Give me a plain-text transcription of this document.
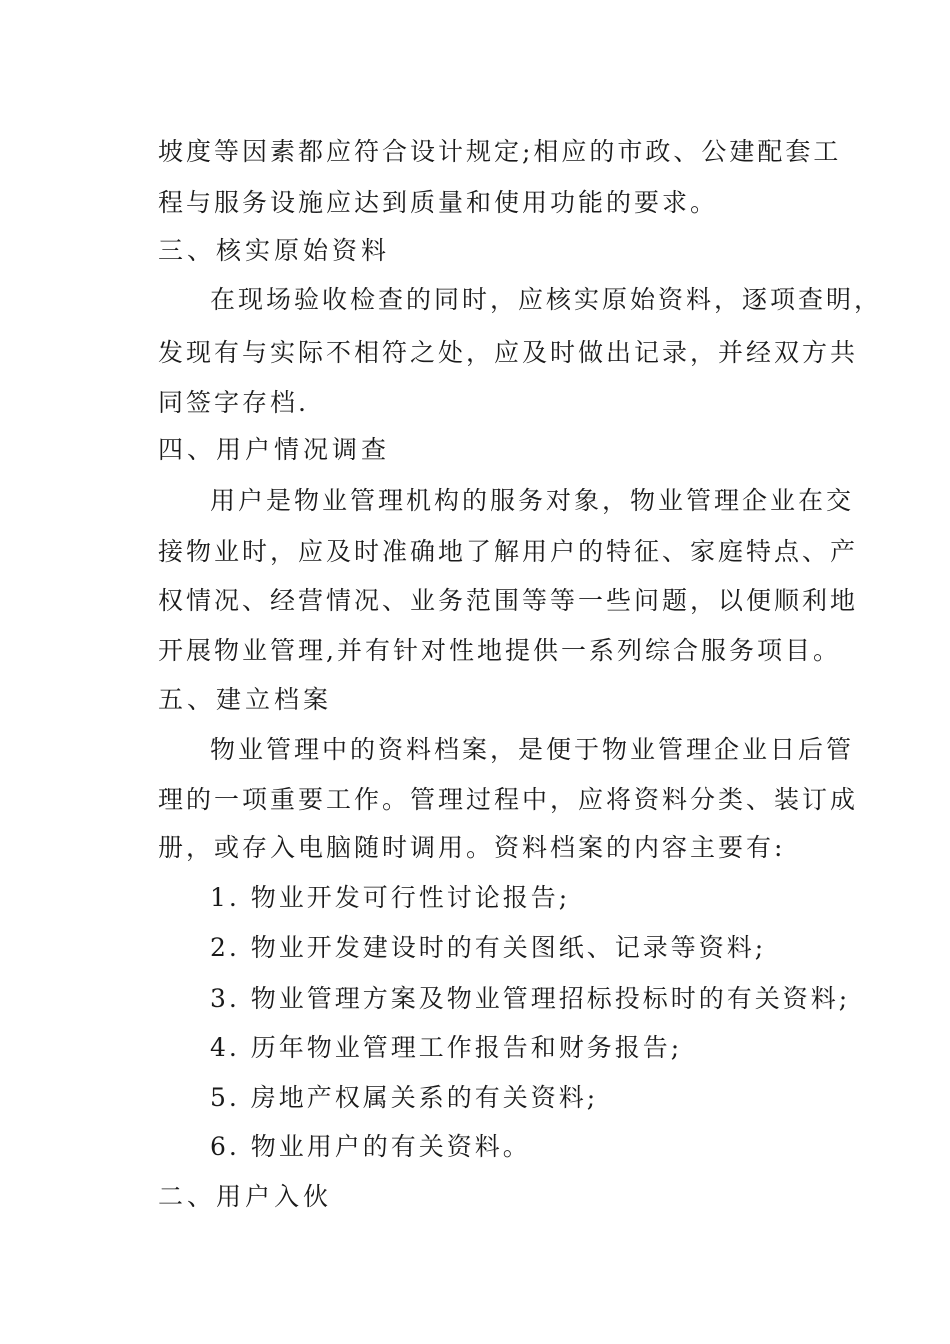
坡度等因素都应符合设计规定;相应的市政、公建配套工
程与服务设施应达到质量和使用功能的要求。
三、核实原始资料
在现场验收检查的同时，应核实原始资料，逐项查明，
发现有与实际不相符之处，应及时做出记录，并经双方共
同签字存档.
四、用户情况调查
用户是物业管理机构的服务对象，物业管理企业在交
接物业时，应及时准确地了解用户的特征、家庭特点、产
权情况、经营情况、业务范围等等一些问题，以便顺利地
开展物业管理,并有针对性地提供一系列综合服务项目。
五、建立档案
物业管理中的资料档案，是便于物业管理企业日后管
理的一项重要工作。管理过程中，应将资料分类、装订成
册，或存入电脑随时调用。资料档案的内容主要有:
1. 物业开发可行性讨论报告;
2. 物业开发建设时的有关图纸、记录等资料;
3. 物业管理方案及物业管理招标投标时的有关资料;
4. 历年物业管理工作报告和财务报告;
5. 房地产权属关系的有关资料;
6. 物业用户的有关资料。
二、用户入伙
